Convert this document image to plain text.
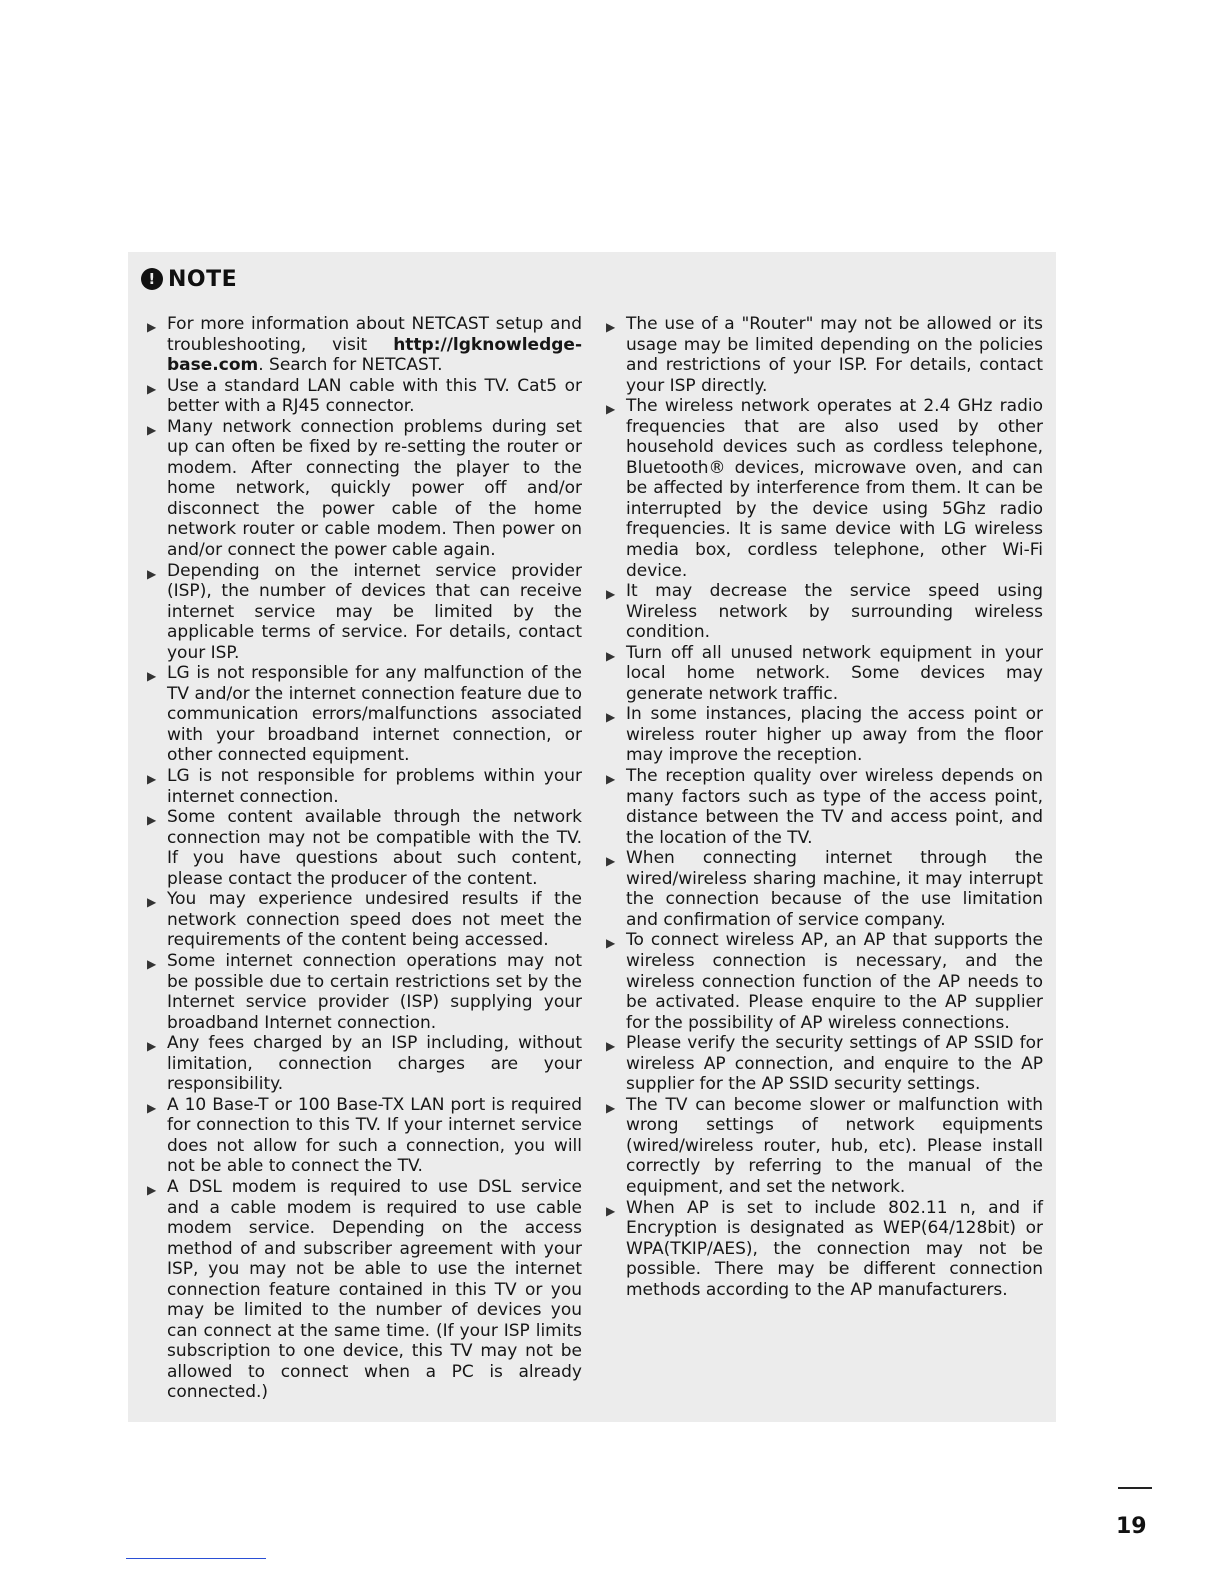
! NOTE
▶ For more information about NETCAST setup and troubleshooting, visit http://lgknowledge-base.com. Search for NETCAST.
▶ Use a standard LAN cable with this TV. Cat5 or better with a RJ45 connector.
▶ Many network connection problems during set up can often be fixed by re-setting the router or modem. After connecting the player to the home network, quickly power off and/or disconnect the power cable of the home network router or cable modem. Then power on and/or connect the power cable again.
▶ Depending on the internet service provider (ISP), the number of devices that can receive internet service may be limited by the applicable terms of service. For details, contact your ISP.
▶ LG is not responsible for any malfunction of the TV and/or the internet connection feature due to communication errors/malfunctions associated with your broadband internet connection, or other connected equipment.
▶ LG is not responsible for problems within your internet connection.
▶ Some content available through the network connection may not be compatible with the TV. If you have questions about such content, please contact the producer of the content.
▶ You may experience undesired results if the network connection speed does not meet the requirements of the content being accessed.
▶ Some internet connection operations may not be possible due to certain restrictions set by the Internet service provider (ISP) supplying your broadband Internet connection.
▶ Any fees charged by an ISP including, without limitation, connection charges are your responsibility.
▶ A 10 Base-T or 100 Base-TX LAN port is required for connection to this TV. If your internet service does not allow for such a connection, you will not be able to connect the TV.
▶ A DSL modem is required to use DSL service and a cable modem is required to use cable modem service. Depending on the access method of and subscriber agreement with your ISP, you may not be able to use the internet connection feature contained in this TV or you may be limited to the number of devices you can connect at the same time. (If your ISP limits subscription to one device, this TV may not be allowed to connect when a PC is already connected.)
▶ The use of a "Router" may not be allowed or its usage may be limited depending on the policies and restrictions of your ISP. For details, contact your ISP directly.
▶ The wireless network operates at 2.4 GHz radio frequencies that are also used by other household devices such as cordless telephone, Bluetooth® devices, microwave oven, and can be affected by interference from them. It can be interrupted by the device using 5Ghz radio frequencies. It is same device with LG wireless media box, cordless telephone, other Wi-Fi device.
▶ It may decrease the service speed using Wireless network by surrounding wireless condition.
▶ Turn off all unused network equipment in your local home network. Some devices may generate network traffic.
▶ In some instances, placing the access point or wireless router higher up away from the floor may improve the reception.
▶ The reception quality over wireless depends on many factors such as type of the access point, distance between the TV and access point, and the location of the TV.
▶ When connecting internet through the wired/wireless sharing machine, it may interrupt the connection because of the use limitation and confirmation of service company.
▶ To connect wireless AP, an AP that supports the wireless connection is necessary, and the wireless connection function of the AP needs to be activated. Please enquire to the AP supplier for the possibility of AP wireless connections.
▶ Please verify the security settings of AP SSID for wireless AP connection, and enquire to the AP supplier for the AP SSID security settings.
▶ The TV can become slower or malfunction with wrong settings of network equipments (wired/wireless router, hub, etc). Please install correctly by referring to the manual of the equipment, and set the network.
▶ When AP is set to include 802.11 n, and if Encryption is designated as WEP(64/128bit) or WPA(TKIP/AES), the connection may not be possible. There may be different connection methods according to the AP manufacturers.
19
